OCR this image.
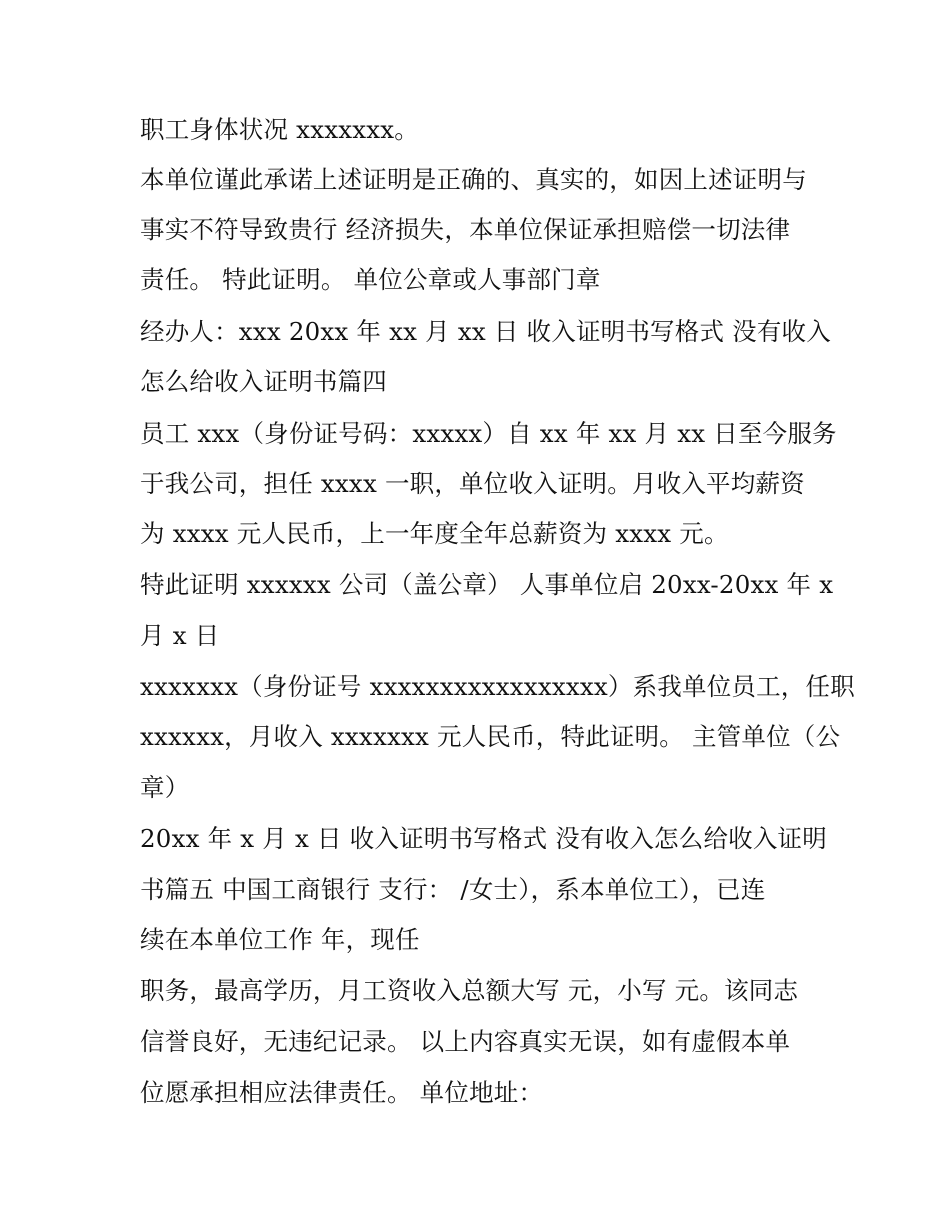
职工身体状况 xxxxxxx。
本单位谨此承诺上述证明是正确的、真实的，如因上述证明与
事实不符导致贵行 经济损失，本单位保证承担赔偿一切法律
责任。 特此证明。 单位公章或人事部门章
经办人：xxx 20xx 年 xx 月 xx 日 收入证明书写格式 没有收入
怎么给收入证明书篇四
员工 xxx（身份证号码：xxxxx）自 xx 年 xx 月 xx 日至今服务
于我公司，担任 xxxx 一职，单位收入证明。月收入平均薪资
为 xxxx 元人民币，上一年度全年总薪资为 xxxx 元。
特此证明 xxxxxx 公司（盖公章） 人事单位启 20xx-20xx 年 x
月 x 日
xxxxxxx（身份证号 xxxxxxxxxxxxxxxxx）系我单位员工，任职
xxxxxx，月收入 xxxxxxx 元人民币，特此证明。 主管单位（公
章）
20xx 年 x 月 x 日 收入证明书写格式 没有收入怎么给收入证明
书篇五 中国工商银行 支行： /女士），系本单位工），已连
续在本单位工作 年，现任
职务，最高学历，月工资收入总额大写 元，小写 元。该同志
信誉良好，无违纪记录。 以上内容真实无误，如有虚假本单
位愿承担相应法律责任。 单位地址：
